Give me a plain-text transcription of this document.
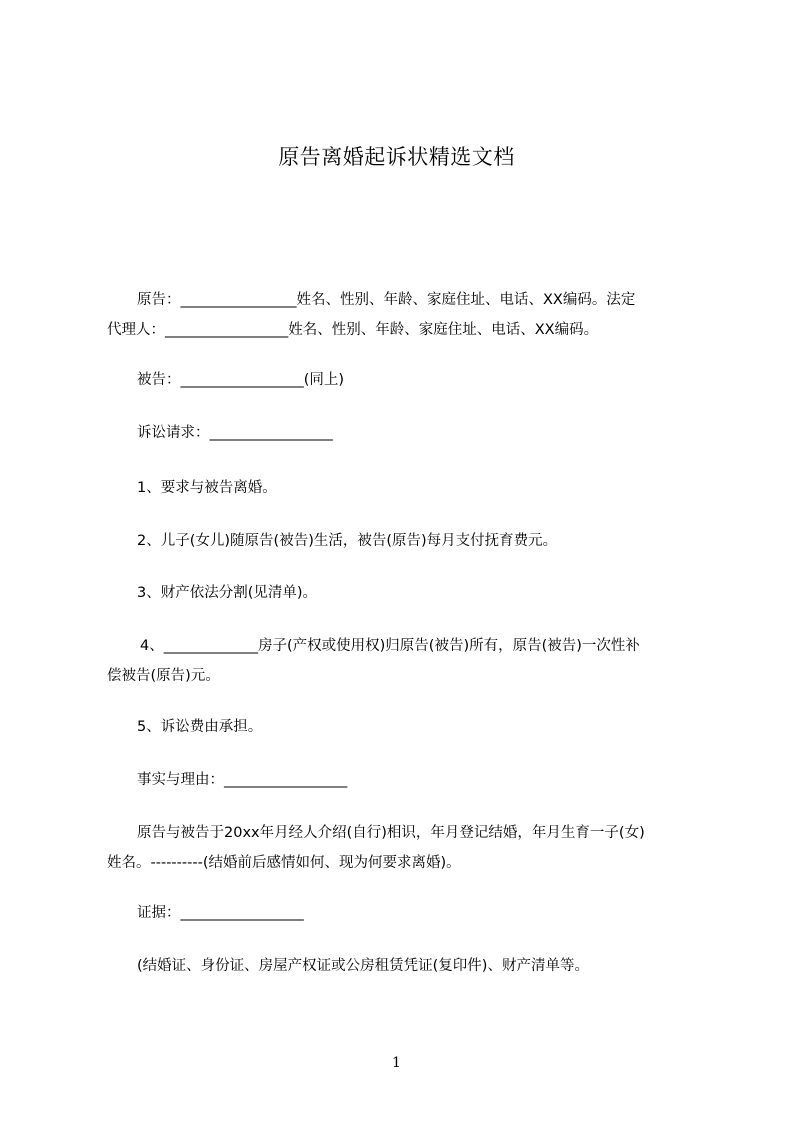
原告离婚起诉状精选文档
原告：________________姓名、性别、年龄、家庭住址、电话、XX编码。法定
代理人：_________________姓名、性别、年龄、家庭住址、电话、XX编码。
被告：_________________(同上)
诉讼请求：_________________
1、要求与被告离婚。
2、儿子(女儿)随原告(被告)生活，被告(原告)每月支付抚育费元。
3、财产依法分割(见清单)。
4、_____________房子(产权或使用权)归原告(被告)所有，原告(被告)一次性补
偿被告(原告)元。
5、诉讼费由承担。
事实与理由：_________________
原告与被告于20xx年月经人介绍(自行)相识，年月登记结婚，年月生育一子(女)
姓名。----------(结婚前后感情如何、现为何要求离婚)。
证据：_________________
(结婚证、身份证、房屋产权证或公房租赁凭证(复印件)、财产清单等。
1
